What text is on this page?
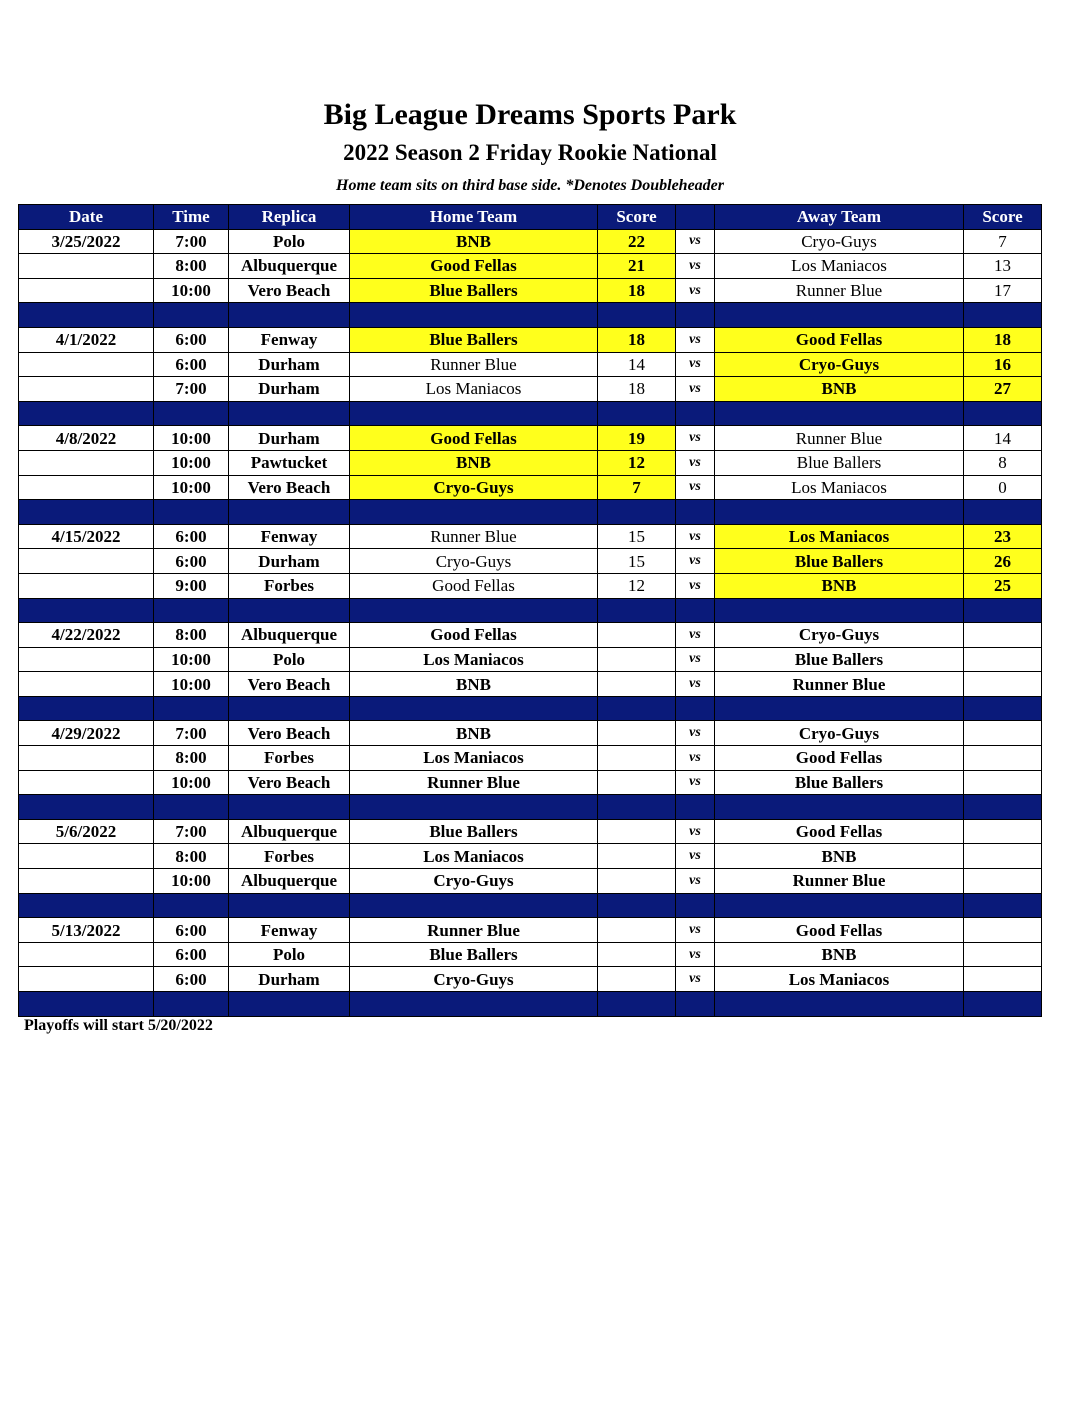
Big League Dreams Sports Park
2022 Season 2 Friday Rookie National
Home team sits on third base side. *Denotes Doubleheader
Date	Time	Replica	Home Team	Score		Away Team	Score
3/25/2022	7:00	Polo	BNB	22	vs	Cryo-Guys	7
	8:00	Albuquerque	Good Fellas	21	vs	Los Maniacos	13
	10:00	Vero Beach	Blue Ballers	18	vs	Runner Blue	17

4/1/2022	6:00	Fenway	Blue Ballers	18	vs	Good Fellas	18
	6:00	Durham	Runner Blue	14	vs	Cryo-Guys	16
	7:00	Durham	Los Maniacos	18	vs	BNB	27

4/8/2022	10:00	Durham	Good Fellas	19	vs	Runner Blue	14
	10:00	Pawtucket	BNB	12	vs	Blue Ballers	8
	10:00	Vero Beach	Cryo-Guys	7	vs	Los Maniacos	0

4/15/2022	6:00	Fenway	Runner Blue	15	vs	Los Maniacos	23
	6:00	Durham	Cryo-Guys	15	vs	Blue Ballers	26
	9:00	Forbes	Good Fellas	12	vs	BNB	25

4/22/2022	8:00	Albuquerque	Good Fellas		vs	Cryo-Guys	
	10:00	Polo	Los Maniacos		vs	Blue Ballers	
	10:00	Vero Beach	BNB		vs	Runner Blue	

4/29/2022	7:00	Vero Beach	BNB		vs	Cryo-Guys	
	8:00	Forbes	Los Maniacos		vs	Good Fellas	
	10:00	Vero Beach	Runner Blue		vs	Blue Ballers	

5/6/2022	7:00	Albuquerque	Blue Ballers		vs	Good Fellas	
	8:00	Forbes	Los Maniacos		vs	BNB	
	10:00	Albuquerque	Cryo-Guys		vs	Runner Blue	

5/13/2022	6:00	Fenway	Runner Blue		vs	Good Fellas	
	6:00	Polo	Blue Ballers		vs	BNB	
	6:00	Durham	Cryo-Guys		vs	Los Maniacos	

Playoffs will start 5/20/2022
